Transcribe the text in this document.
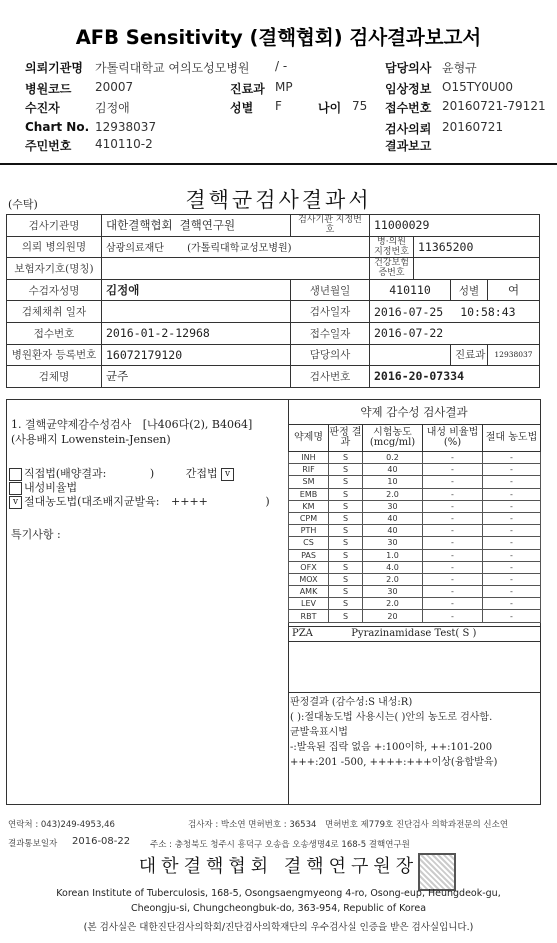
AFB Sensitivity (결핵협회) 검사결과보고서
의뢰기관명 가톨릭대학교 여의도성모병원 / -
병원코드 20007	진료과 MP
수진자	김정애	성별 F	나이 75
Chart No. 12938037
주민번호 410110-2
담당의사 윤형규
임상정보 O15TY0U00
접수번호 20160721-79121
검사의뢰 20160721
결과보고
(수탁)	결핵균검사결과서
검사기관명	대한결핵협회 결핵연구원	검사기관 지정번호	11000029			
의뢰 병의원명	삼광의료재단 (가톨릭대학교성모병원)		병·의원 지정번호	11365200		
보험자기호(명칭)			건강보험 증번호			
수검자성명	김정애	생년월일	410110		성별	여
검체채취 일자		검사일자	2016-07-25 10:58:43			
접수번호	2016-01-2-12968	접수일자	2016-07-22			
병원환자 등록번호	16072179120	담당의사			진료과	12938037
검체명	균주	검사번호	2016-20-07334			
1. 결핵균약제감수성검사 [나406다(2), B4064]
(사용배지 Lowenstein-Jensen)
직접법(배양결과:	)	간접법 v
내성비율법
v 절대농도법(대조배지균발육: ++++	)
특기사항 :
약제 감수성 검사결과
약제명	판정 결과	시험농도 (mcg/ml)	내성 비율법(%)	절대 농도법
INH	S	0.2	-	-
RIF	S	40	-	-
SM	S	10	-	-
EMB	S	2.0	-	-
KM	S	30	-	-
CPM	S	40	-	-
PTH	S	40	-	-
CS	S	30	-	-
PAS	S	1.0	-	-
OFX	S	4.0	-	-
MOX	S	2.0	-	-
AMK	S	30	-	-
LEV	S	2.0	-	-
RBT	S	20	-	-
PZA	Pyrazinamidase Test( S )
판정결과 (감수성:S 내성:R)
( ):절대농도법 사용시는( )안의 농도로 검사함.
균발육표시법
-:발육된 집락 없음 +:100이하, ++:101-200
+++:201 -500, ++++:+++이상(융합발육)
연락처 : 043)249-4953,46	검사자 : 박소연 면허번호 : 36534 면허번호 제779호 진단검사 의학과전문의 신소연
결과통보일자 2016-08-22 주소 : 충청북도 청주시 흥덕구 오송읍 오송생명4로 168-5 결핵연구원
대한결핵협회 결핵연구원장
Korean Institute of Tuberculosis, 168-5, Osongsaengmyeong 4-ro, Osong-eup, Heungdeok-gu,
Cheongju-si, Chungcheongbuk-do, 363-954, Republic of Korea
(본 검사실은 대한진단검사의학회/진단검사의학재단의 우수검사실 인증을 받은 검사실입니다.)
